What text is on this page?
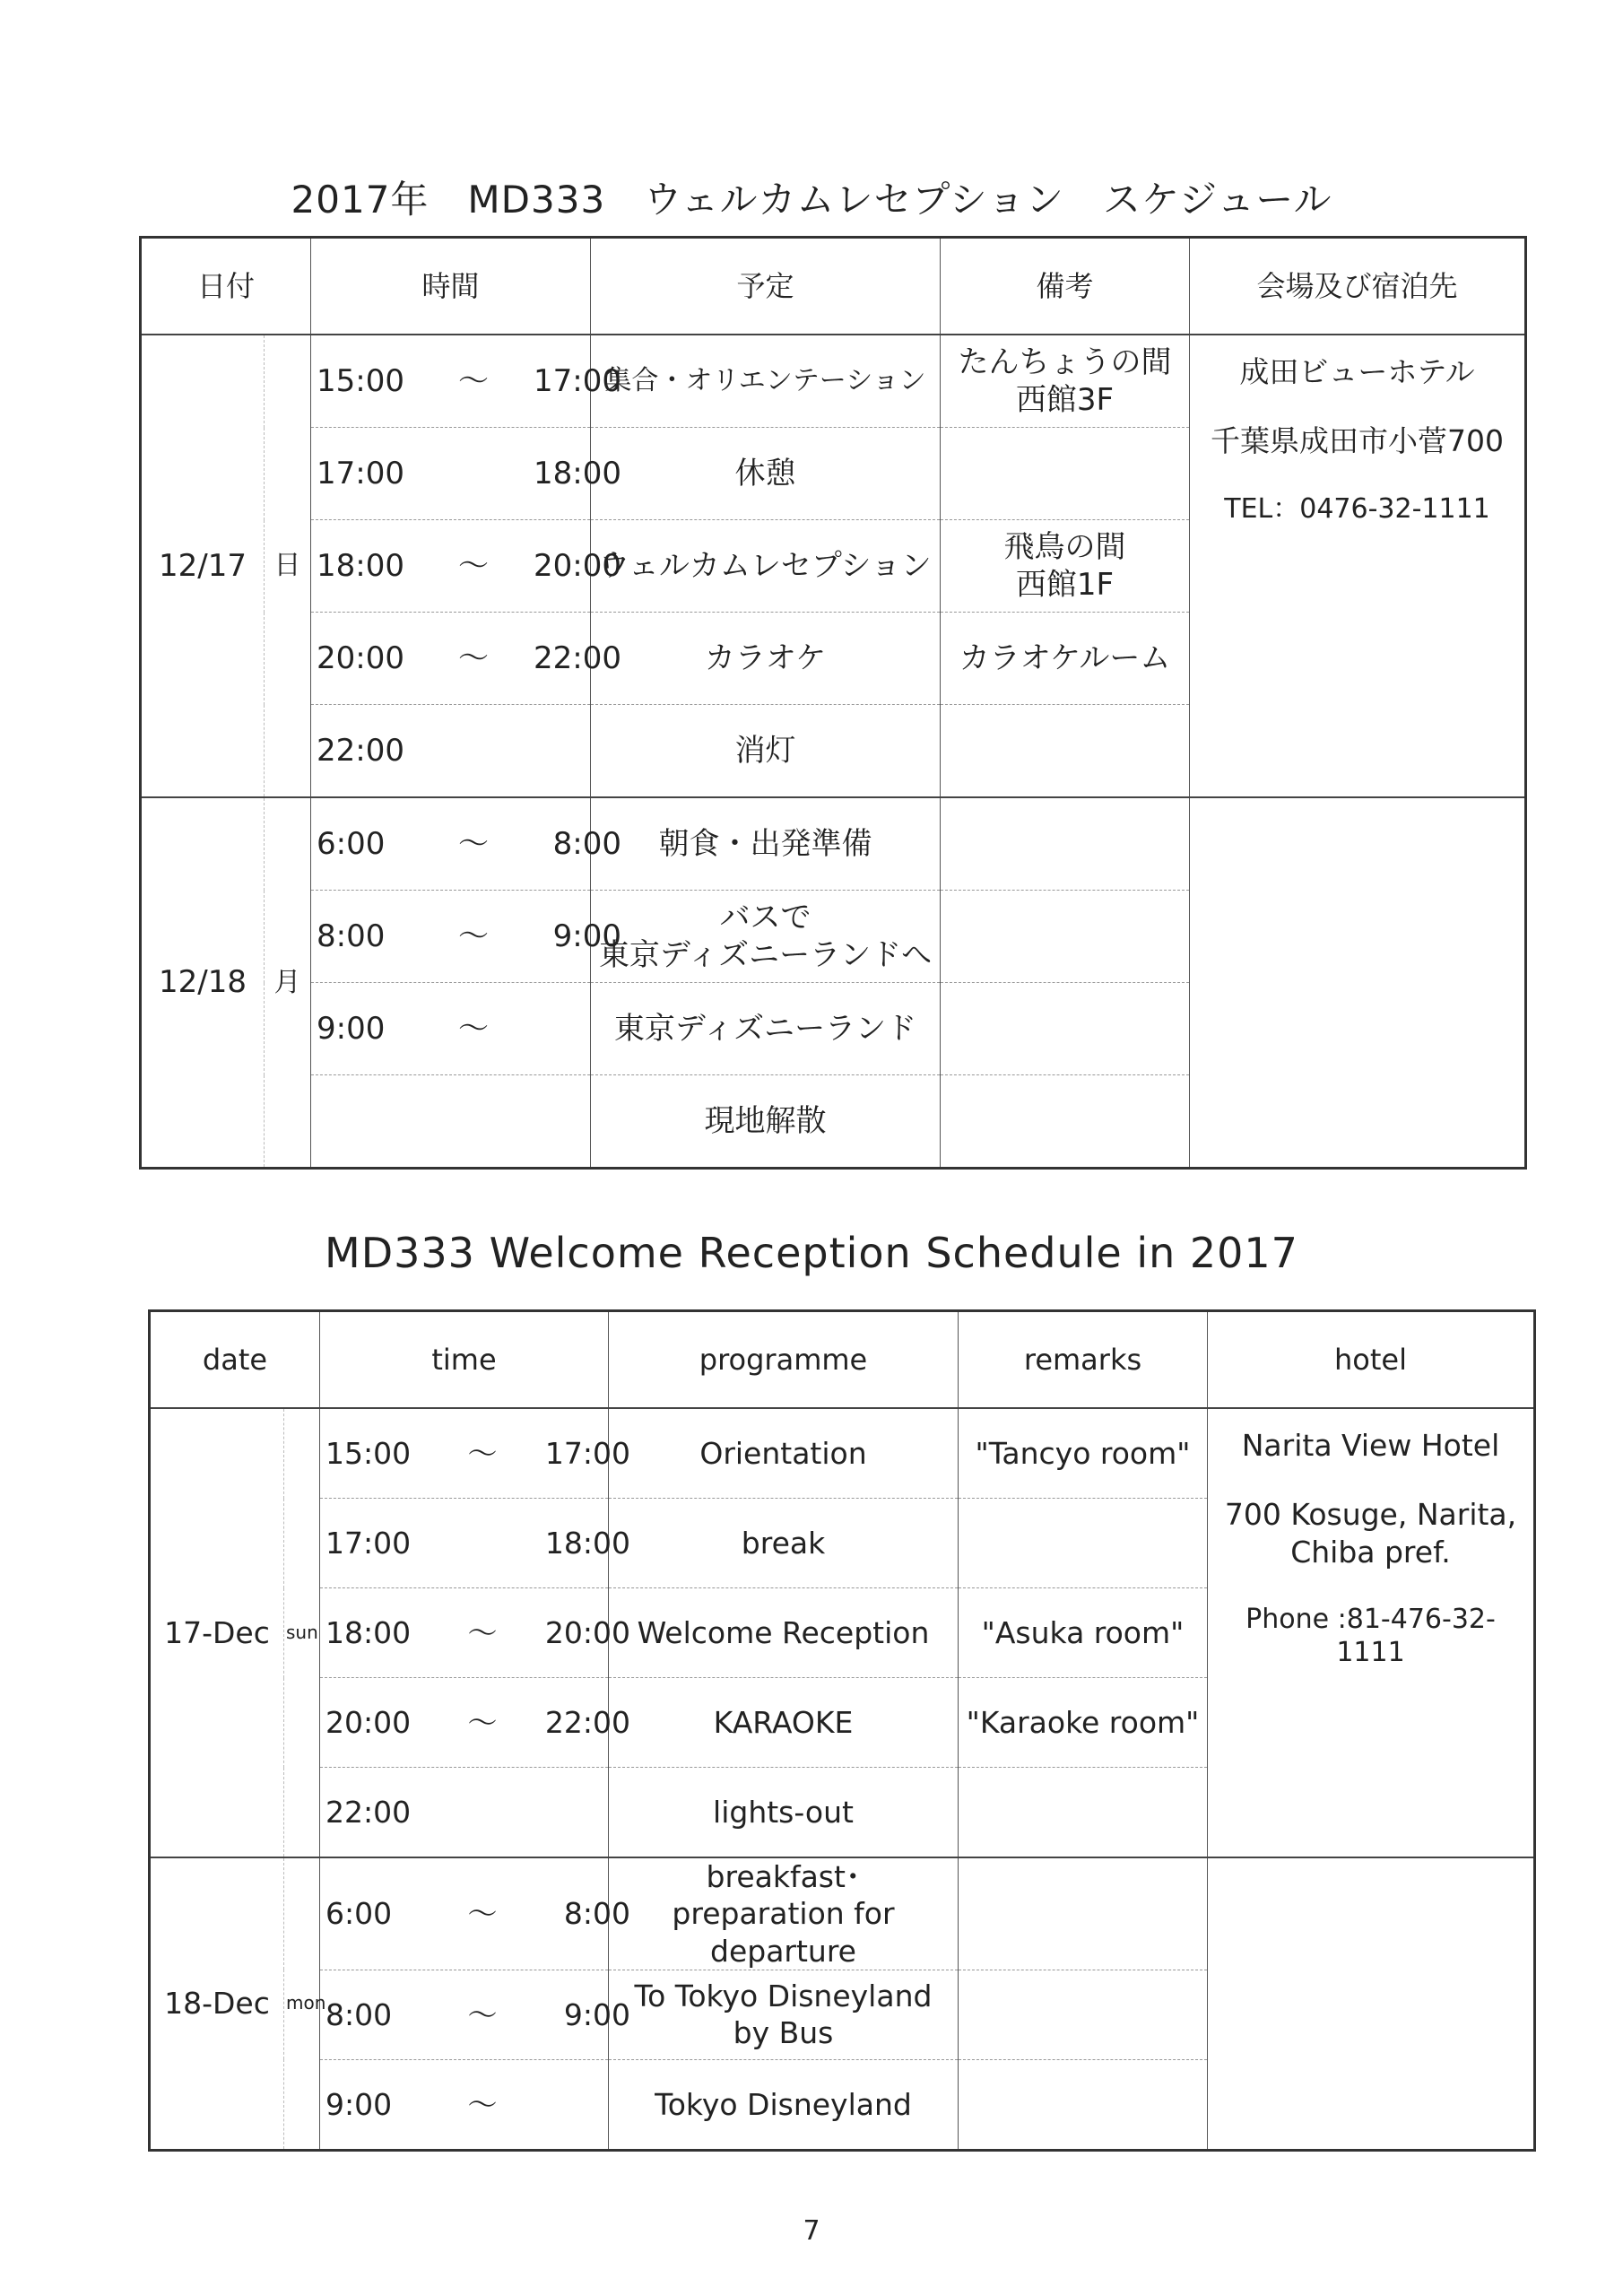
2017年　MD333　ウェルカムレセプション　スケジュール
日付		時間	予定	備考	会場及び宿泊先
12/17	日	15:00 ～ 17:00	集合・オリエンテーション	たんちょうの間
西館3F	成田ビューホテル
千葉県成田市小菅700
TEL：0476-32-1111

		17:00 18:00	休憩		
		18:00 ～ 20:00	ウェルカムレセプション	飛鳥の間
西館1F	
		20:00 ～ 22:00	カラオケ	カラオケルーム	
		22:00	消灯		
12/18	月	6:00 ～ 8:00	朝食・出発準備		
		8:00 ～ 9:00	バスで
東京ディズニーランドへ		
		9:00 ～	東京ディズニーランド		
			現地解散		
MD333 Welcome Reception Schedule in 2017
date		time	programme	remarks	hotel
17-Dec	sun	15:00 ～ 17:00	Orientation	"Tancyo room"	Narita View Hotel
700 Kosuge, Narita,
Chiba pref.
Phone :81-476-32-1111

		17:00 18:00	break		
		18:00 ～ 20:00	Welcome Reception	"Asuka room"	
		20:00 ～ 22:00	KARAOKE	"Karaoke room"	
		22:00	lights-out		
18-Dec	mon	6:00 ～ 8:00	breakfast･
preparation for
departure		
		8:00 ～ 9:00	To Tokyo Disneyland
by Bus		
		9:00 ～	Tokyo Disneyland		
7
